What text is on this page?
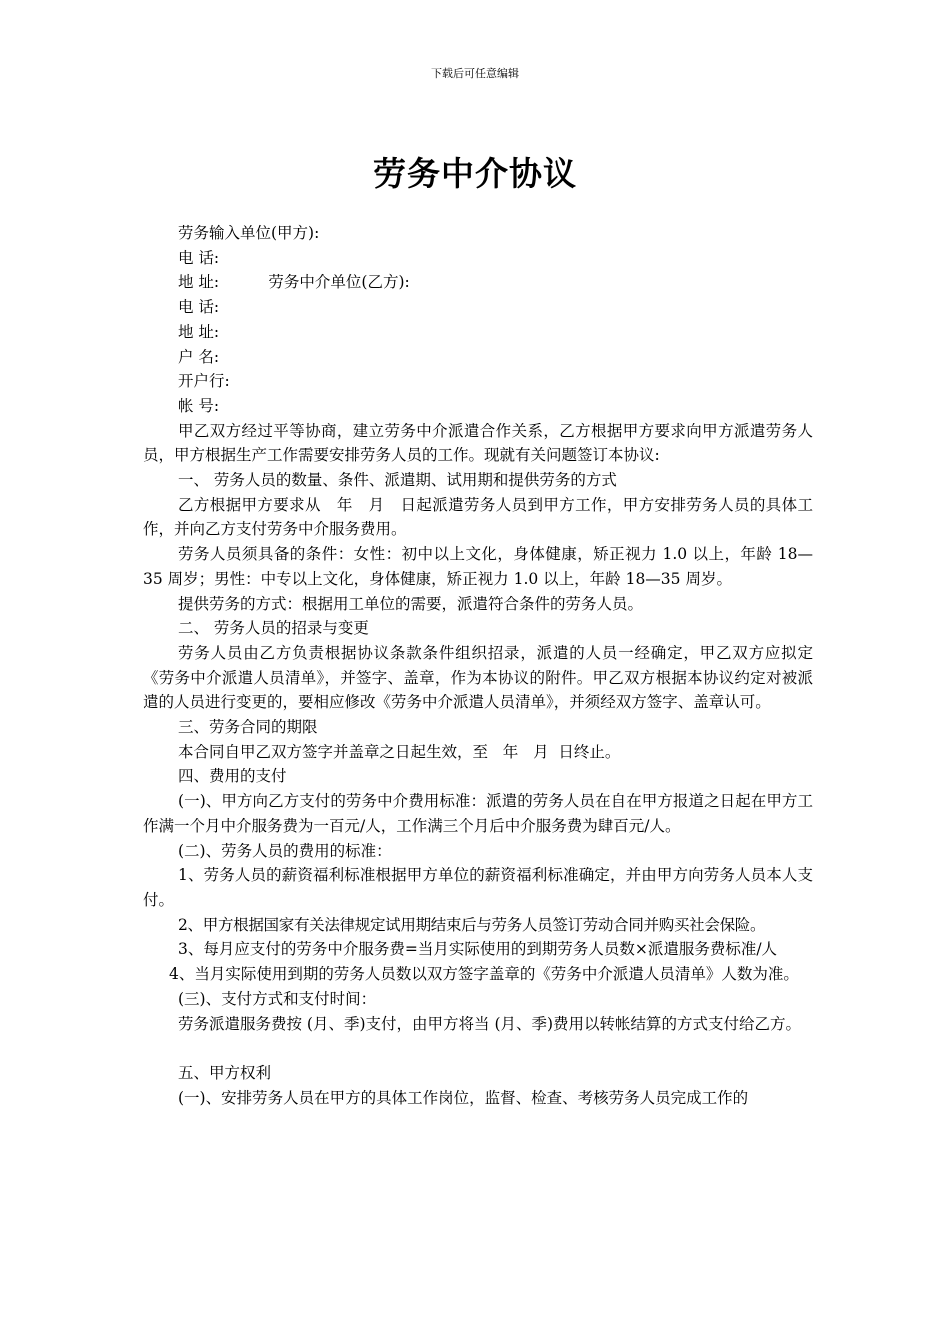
下载后可任意编辑
劳务中介协议

劳务输入单位(甲方):

电 话:

地 址:          劳务中介单位(乙方):

电 话:

地 址:

户 名:

开户行:

帐 号:

甲乙双方经过平等协商，建立劳务中介派遣合作关系，乙方根据甲方要求向甲方派遣劳务人员，甲方根据生产工作需要安排劳务人员的工作。现就有关问题签订本协议:

一、 劳务人员的数量、条件、派遣期、试用期和提供劳务的方式

乙方根据甲方要求从   年   月   日起派遣劳务人员到甲方工作，甲方安排劳务人员的具体工作，并向乙方支付劳务中介服务费用。

劳务人员须具备的条件：女性：初中以上文化，身体健康，矫正视力 1.0 以上，年龄 18—35 周岁；男性：中专以上文化，身体健康，矫正视力 1.0 以上，年龄 18—35 周岁。

提供劳务的方式：根据用工单位的需要，派遣符合条件的劳务人员。

二、 劳务人员的招录与变更

劳务人员由乙方负责根据协议条款条件组织招录，派遣的人员一经确定，甲乙双方应拟定《劳务中介派遣人员清单》，并签字、盖章，作为本协议的附件。甲乙双方根据本协议约定对被派遣的人员进行变更的，要相应修改《劳务中介派遣人员清单》，并须经双方签字、盖章认可。

三、劳务合同的期限

本合同自甲乙双方签字并盖章之日起生效，至   年   月  日终止。

四、费用的支付

(一)、甲方向乙方支付的劳务中介费用标准：派遣的劳务人员在自在甲方报道之日起在甲方工作满一个月中介服务费为一百元/人，工作满三个月后中介服务费为肆百元/人。

(二)、劳务人员的费用的标准：

1、劳务人员的薪资福利标准根据甲方单位的薪资福利标准确定，并由甲方向劳务人员本人支付。

2、甲方根据国家有关法律规定试用期结束后与劳务人员签订劳动合同并购买社会保险。

3、每月应支付的劳务中介服务费=当月实际使用的到期劳务人员数×派遣服务费标准/人

4、当月实际使用到期的劳务人员数以双方签字盖章的《劳务中介派遣人员清单》人数为准。

(三)、支付方式和支付时间：

劳务派遣服务费按 (月、季)支付，由甲方将当 (月、季)费用以转帐结算的方式支付给乙方。

五、甲方权利

(一)、安排劳务人员在甲方的具体工作岗位，监督、检查、考核劳务人员完成工作的
